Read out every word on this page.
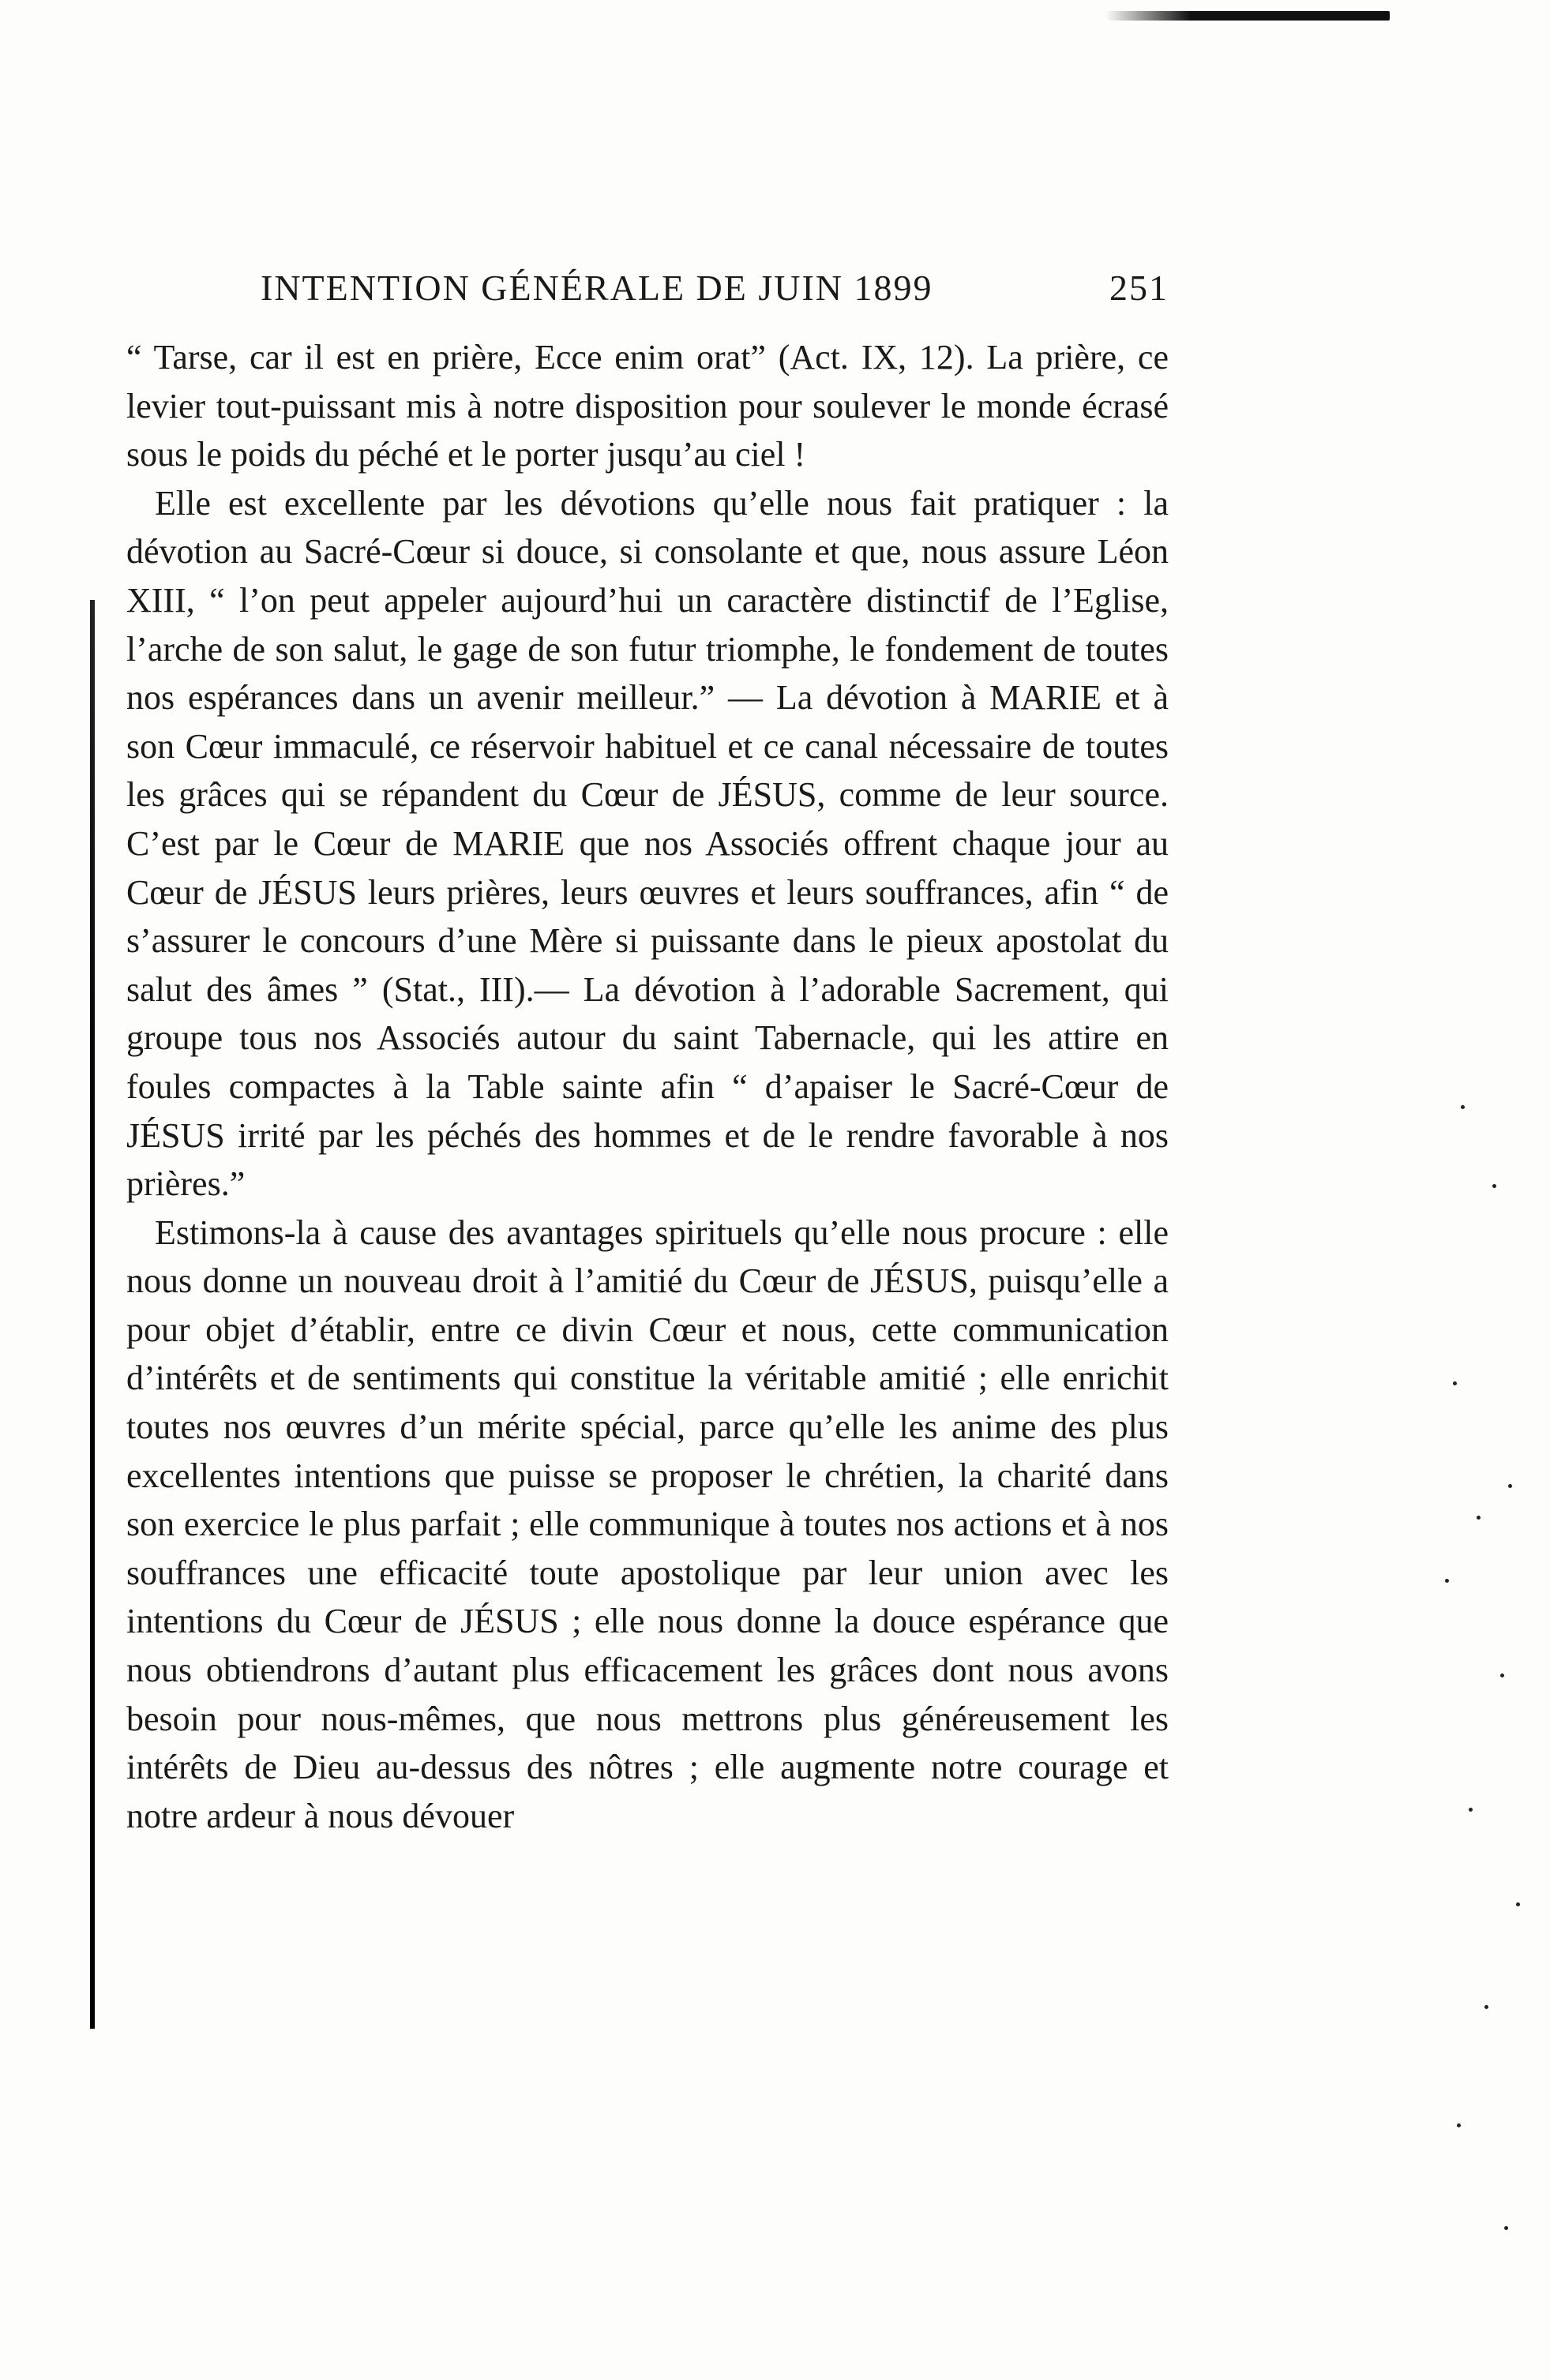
INTENTION GÉNÉRALE DE JUIN 1899	251

“ Tarse, car il est en prière, Ecce enim orat” (Act. IX, 12). La prière, ce levier tout-puissant mis à notre disposition pour soulever le monde écrasé sous le poids du péché et le porter jusqu’au ciel !

Elle est excellente par les dévotions qu’elle nous fait pratiquer : la dévotion au Sacré-Cœur si douce, si consolante et que, nous assure Léon XIII, “ l’on peut appeler aujourd’hui un caractère distinctif de l’Eglise, l’arche de son salut, le gage de son futur triomphe, le fondement de toutes nos espérances dans un avenir meilleur.” — La dévotion à MARIE et à son Cœur immaculé, ce réservoir habituel et ce canal nécessaire de toutes les grâces qui se répandent du Cœur de JÉSUS, comme de leur source. C’est par le Cœur de MARIE que nos Associés offrent chaque jour au Cœur de JÉSUS leurs prières, leurs œuvres et leurs souffrances, afin “ de s’assurer le concours d’une Mère si puissante dans le pieux apostolat du salut des âmes ” (Stat., III).— La dévotion à l’adorable Sacrement, qui groupe tous nos Associés autour du saint Tabernacle, qui les attire en foules compactes à la Table sainte afin “ d’apaiser le Sacré-Cœur de JÉSUS irrité par les péchés des hommes et de le rendre favorable à nos prières.”

Estimons-la à cause des avantages spirituels qu’elle nous procure : elle nous donne un nouveau droit à l’amitié du Cœur de JÉSUS, puisqu’elle a pour objet d’établir, entre ce divin Cœur et nous, cette communication d’intérêts et de sentiments qui constitue la véritable amitié ; elle enrichit toutes nos œuvres d’un mérite spécial, parce qu’elle les anime des plus excellentes intentions que puisse se proposer le chrétien, la charité dans son exercice le plus parfait ; elle communique à toutes nos actions et à nos souffrances une efficacité toute apostolique par leur union avec les intentions du Cœur de JÉSUS ; elle nous donne la douce espérance que nous obtiendrons d’autant plus efficacement les grâces dont nous avons besoin pour nous-mêmes, que nous mettrons plus généreusement les intérêts de Dieu au-dessus des nôtres ; elle augmente notre courage et notre ardeur à nous dévouer
